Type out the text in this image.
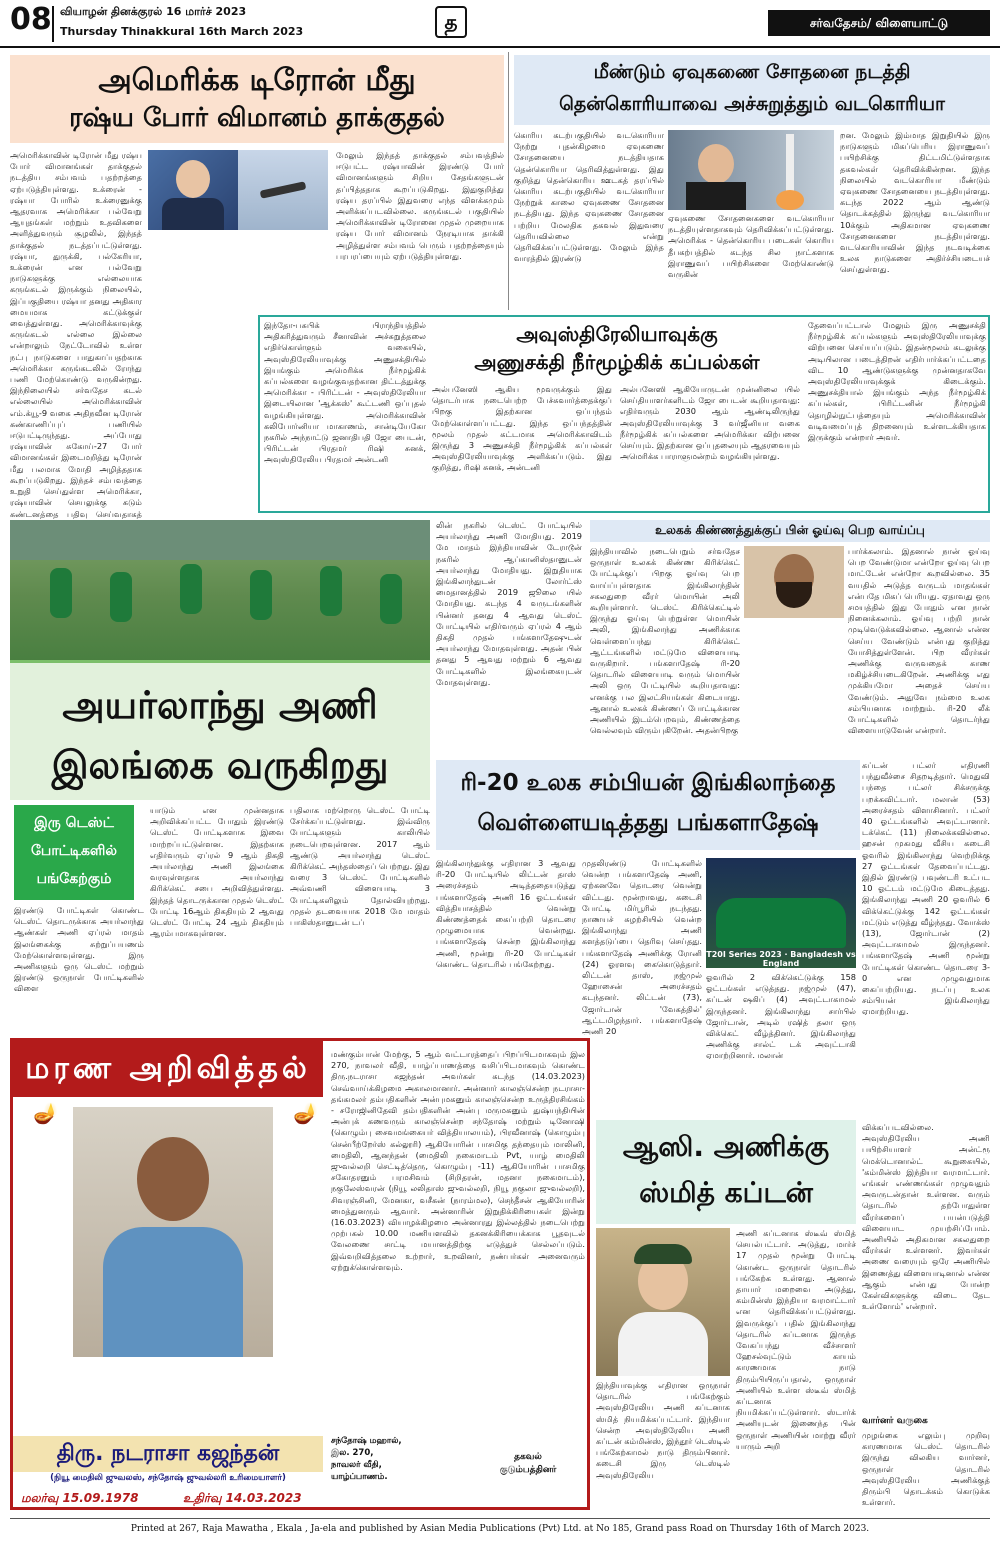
08 வியாழன் தினக்குரல் 16 மார்ச் 2023
Thursday Thinakkural 16th March 2023	த	சர்வதேசம்/ விளையாட்டு
அமெரிக்க டிரோன் மீது
ரஷ்ய போர் விமானம் தாக்குதல்
அமெரிக்காவின் டிரோன் மீது ரஷ்ய போர் விமானங்கள் தாக்குதல் நடத்திய சம்பவம் பதற்றத்தை ஏற்படுத்தியுள்ளது. உக்ரைன் - ரஷ்யா போரில் உக்ரைனுக்கு ஆதரவாக அமெரிக்கா பல்வேறு ஆயுதங்கள் மற்றும் உதவிகளை அளித்துவரும் சூழலில், இந்தத் தாக்குதல் நடத்தப்பட்டுள்ளது. ரஷ்யா, துருக்கி, பல்கேரியா, உக்ரைன் என பல்வேறு நாடுகளுக்கு எல்லையாக கருங்கடல் இருக்கும் நிலையில், இப்பகுதியை ரஷ்யா தனது அதிகார மையமாக கட்டுக்குள் வைத்துள்ளது. அமெரிக்காவுக்கு கருங்கடல் எல்லை இல்லை என்றாலும் நேட்டோவில் உள்ள நட்பு நாடுகளை பாதுகாப்பதற்காக அமெரிக்கா கருங்கடலில் ரோந்து பணி மேற்கொண்டு வருகின்றது. இந்நிலையில் சர்வதேச கடல் எல்லையில் அமெரிக்காவின் எம்.க்யூ-9 வகை அதிநவீன டிரோன் கண்காணிப்புப் பணியில் ஈடுபட்டிருந்தது. அப்போது ரஷ்யாவின் சுகோய்-27 போர் விமானங்கள் இடைமறித்து டிரோன் மீது பலமாக மோதி அழித்ததாக கூறப்படுகிறது. இந்தச் சம்பவத்தை உறுதி செய்துள்ள அமெரிக்கா, ரஷ்யாவின் செயலுக்கு கடும் கண்டனத்தை பதிவு செய்வதாகத்
மேலும் இந்தத் தாக்குதல் சம்பவத்தில் ஈடுபட்ட ரஷ்யாவின் இரண்டு போர் விமானங்களும் சிறிய சேதங்களுடன் தப்பித்ததாக கூறப்படுகிறது. இதுகுறித்து ரஷ்ய தரப்பில் இதுவரை எந்த விளக்கமும் அளிக்கப்படவில்லை. கருங்கடல் பகுதியில் அமெரிக்காவின் டிரோனை முதல் முறையாக ரஷ்ய போர் விமானம் நேரடியாக தாக்கி அழித்துள்ள சம்பவம் பெரும் பதற்றத்தையும் பரபரப்பையும் ஏற்படுத்தியுள்ளது.
மீண்டும் ஏவுகணை சோதனை நடத்தி
தென்கொரியாவை அச்சுறுத்தும் வடகொரியா
கொரிய கடற்பகுதியில் வடகொரியா நேற்று புதன்கிழமை ஏவுகணை சோதனையை நடத்தியதாக தென்கொரியா தெரிவித்துள்ளது. இது குறித்து தென்கொரிய ஊடகத் தரப்பில் கொரிய கடற்பகுதியில் வடகொரியா நேற்றுக் காலை ஏவுகணை சோதனை நடத்தியது. இந்த ஏவுகணை சோதனை பற்றிய மேலதிக தகவல் இதுவரை தெரியவில்லை என்று தெரிவிக்கப்பட்டுள்ளது. மேலும் இந்த வாரத்தில் இரண்டு
ஏவுகணை சோதனைகளை வடகொரியா நடத்தியுள்ளதாகவும் தெரிவிக்கப்பட்டுள்ளது. அமெரிக்க - தென்கொரிய படைகள் கொரிய தீபகற்பத்தில் கடந்த சில நாட்களாக இராணுவப் பயிற்சிகளை மேற்கொண்டு வருகின்
றன. மேலும் இம்மாத இறுதியில் இரு நாடுகளும் மிகப்பெரிய இராணுவப் பயிற்சிக்கு திட்டமிட்டுள்ளதாக தகவல்கள் தெரிவிக்கின்றன. இந்த நிலையில் வடகொரியா மீண்டும் ஏவுகணை சோதனையை நடத்தியுள்ளது. கடந்த 2022 ஆம் ஆண்டு தொடக்கத்தில் இருந்து வடகொரியா 10க்கும் அதிகமான ஏவுகணை சோதனைகளை நடத்தியுள்ளது. வடகொரியாவின் இந்த நடவடிக்கை உலக நாடுகளை அதிர்ச்சியடையச் செய்துள்ளது.
இந்தோ-பசுபிக் பிராந்தியத்தில் அதிகரித்துவரும் சீனாவின் அச்சுறுத்தலை எதிர்கொள்ளும் வகையில், அவுஸ்திரேலியாவுக்கு அணுசக்தியில் இயங்கும் அமெரிக்க நீர்மூழ்கிக் கப்பல்களை வழங்குவதற்கான திட்டத்துக்கு அமெரிக்கா - பிரிட்டன் - அவுஸ்திரேலியா இடையிலான 'ஆக்கஸ்' கூட்டணி ஒப்புதல் வழங்கியுள்ளது. அமெரிக்காவின் கலிபோர்னியா மாகாணம், சான்டியேகோ நகரில் அந்நாட்டு ஜனாதிபதி ஜோ பைடன், பிரிட்டன் பிரதமர் ரிஷி சுனக், அவுஸ்திரேலிய பிரதமர் அன்டனி
அவுஸ்திரேலியாவுக்கு
அணுசக்தி நீர்மூழ்கிக் கப்பல்கள்
அல்பனேஸி ஆகிய மூவருக்கும் இது தொடர்பாக நடைபெற்ற பேச்சுவார்த்தைக்குப் பிறகு இதற்கான ஒப்பந்தம் மேற்கொள்ளப்பட்டது. இந்த ஒப்பந்தத்தின் மூலம் முதல் கட்டமாக அமெரிக்காவிடம் இருந்து 3 அணுசக்தி நீர்மூழ்கிக் கப்பல்கள் அவுஸ்திரேலியாவுக்கு அளிக்கப்படும். இது குறித்து, ரிஷி சுனக், அன்டனி
அல்பனேஸி ஆகியோருடன் முன்னிலை யில் செய்தியாளர்களிடம் ஜோ பைடன் கூறியதாவது: எதிர்வரும் 2030 ஆம் ஆண்டிலிருந்து அவுஸ்திரேலியாவுக்கு 3 வர்ஜீனியா வகை நீர்மூழ்கிக் கப்பல்களை அமெரிக்கா விற்பனை செய்யும். இதற்கான ஒப்புதலையும் ஆதரவையும் அமெரிக்க பாராளுமன்றம் வழங்கியுள்ளது.
தேவைப்பட்டால் மேலும் இரு அணுசக்தி நீர்மூழ்கிக் கப்பல்களும் அவுஸ்திரேலியாவுக்கு விற்பனை செய்யப்படும். இதன்மூலம் கடலுக்கு அடியிலான படைத்திறன் எதிர்பார்க்கப்பட்டதை விட 10 ஆண்டுகளுக்கு முன்னதாகவே அவுஸ்திரேலியாவுக்குக் கிடைக்கும். அணுசக்தியால் இயங்கும் அந்த நீர்மூழ்கிக் கப்பல்கள், பிரிட்டனின் நீர்மூழ்கி தொழில்நுட்பத்தையும் அமெரிக்காவின் வடிவமைப்புத் திறனையும் உள்ளடக்கியதாக இருக்கும் என்றார் அவர்.
அயர்லாந்து அணி
இலங்கை வருகிறது
இரு டெஸ்ட்
போட்டிகளில்
பங்கேற்கும்
இரண்டு போட்டிகள் கொண்ட டெஸ்ட் தொடருக்காக அயர்லாந்து ஆண்கள் அணி ஏப்ரல் மாதம் இலங்கைக்கு சுற்றுப்பயணம் மேற்கொள்ளவுள்ளது. இரு அணிகளும் ஒரு டெஸ்ட் மற்றும் இரண்டு ஒருநாள் போட்டிகளில் விளை
யாடும் என முன்னதாக அறிவிக்கப்பட்ட போதும் இரண்டு டெஸ்ட் போட்டிகளாக இவை மாற்றப்பட்டுள்ளன. இதற்காக எதிர்வரும் ஏப்ரல் 9 ஆம் திகதி அயர்லாந்து அணி இலங்கை வரவுள்ளதாக அயர்லாந்து கிரிக்கெட் சபை அறிவித்துள்ளது. இந்தத் தொடருக்கான முதல் டெஸ்ட் போட்டி 16ஆம் திகதியும் 2 ஆவது டெஸ்ட் போட்டி 24 ஆம் திகதியும் ஆரம்பமாகவுள்ளன.
பதிலாக மற்றொரு டெஸ்ட் போட்டி சேர்க்கப்பட்டுள்ளது. இவ்விரு போட்டிகளும் காலியில் நடைபெறவுள்ளன. 2017 ஆம் ஆண்டு அயர்லாந்து டெஸ்ட் கிரிக்கெட் அந்தஸ்தைப் பெற்றது. இது வரை 3 டெஸ்ட் போட்டிகளில் அவ்வணி விளையாடி 3 போட்டிகளிலும் தோல்வியுற்றது. முதல் தடவையாக 2018 மே மாதம் பாகிஸ்தானுடன் டப்
லின் நகரில் டெஸ்ட் போட்டியில் அயர்லாந்து அணி மோதியது. 2019 மே மாதம் இந்தியாவின் டேராடூன் நகரில் ஆப்கானிஸ்தானுடன் அயர்லாந்து மோதியது. இறுதியாக இங்கிலாந்துடன் லோர்ட்ஸ் மைதானத்தில் 2019 ஜூலை யில் மோதியது. கடந்த 4 வருடங்களின் பின்னர் தனது 4 ஆவது டெஸ்ட் போட்டியில் எதிர்வரும் ஏப்ரல் 4 ஆம் திகதி முதல் பங்களாதேஷுடன் அயர்லாந்து மோதவுள்ளது. அதன் பின் தனது 5 ஆவது மற்றும் 6 ஆவது போட்டிகளில் இலங்கையுடன் மோதவுள்ளது.
உலகக் கிண்ணத்துக்குப் பின் ஓய்வு பெற வாய்ப்பு
இந்தியாவில் நடைபெறும் சர்வதேச ஒருநாள் உலகக் கிண்ண கிரிக்கெட் போட்டிக்குப் பிறகு ஓய்வு பெற வாய்ப்புள்ளதாக இங்கிலாந்தின் சகலதுறை வீரர் மொயின் அலி கூறியுள்ளார். டெஸ்ட் கிரிக்கெட்டில் இருந்து ஓய்வு பெற்றுள்ள மொயின் அலி, இங்கிலாந்து அணிக்காக வெள்ளைப்பந்து கிரிக்கெட் ஆட்டங்களில் மட்டுமே விளையாடி வருகிறார். பங்களாதேஷ் ரி-20 தொடரில் விளையாடி வரும் மொயின் அலி ஒரு பேட்டியில் கூறியதாவது: எனக்கு பல இலட்சியங்கள் கிடையாது. ஆனால் உலகக் கிண்ணப் போட்டிக்கான அணியில் இடம்பெறவும், கிண்ணத்தை வெல்லவும் விரும்புகிறேன். அதன்பிறகு
பார்க்கலாம். இதனால் நான் ஓய்வு பெற வேண்டுமா என்றோ ஓய்வு பெற மாட்டேன் என்றோ கூறவில்லை. 35 வயதில் அடுத்த வருடம் மாதங்கள் என்பதே மிகப் பெரியது. ஏதாவது ஒரு சமயத்தில் இது போதும் என நான் நினைக்கலாம். ஓய்வு பற்றி நான் முடிவெடுக்கவில்லை. ஆனால் என்ன செய்ய வேண்டும் என்பது குறித்து யோசித்துள்ளேன். பிற வீரர்கள் அணிக்கு வருவதைக் காண மகிழ்ச்சியடைகிறேன். அணிக்கு எது முக்கியமோ அதைச் செய்ய வேண்டும். அதுவே நம்மை உலக சம்பியனாக மாற்றும். ரி-20 லீக் போட்டிகளில் தொடர்ந்து விளையாடுவேன் என்றார்.
ரி-20 உலக சம்பியன் இங்கிலாந்தை
வெள்ளையடித்தது பங்களாதேஷ்
இங்கிலாந்துக்கு எதிரான 3 ஆவது ரி-20 போட்டியில் லிட்டன் தாஸ் அரைச்சதம் அடித்ததையடுத்து பங்களாதேஷ் அணி 16 ஓட்டங்கள் வித்தியாசத்தில் வென்று கிண்ணத்தைக் கைப்பற்றி தொடரை முழுமையாக வென்றது. பங்களாதேஷ் சென்ற இங்கிலாந்து அணி, மூன்று ரி-20 போட்டிகள் கொண்ட தொடரில் பங்கேற்றது.
முதலிரண்டு போட்டிகளில் வென்ற பங்களாதேஷ் அணி, ஏற்கனவே தொடரை வென்று விட்டது. மூன்றாவது, கடைசி போட்டி மிர்பூரில் நடந்தது. நாணயச் சுழற்சியில் வென்ற இங்கிலாந்து அணி களத்தடுப்பை தெரிவு செய்தது. பங்களாதேஷ் அணிக்கு ரோனி (24) ஓரளவு கைகொடுத்தார். லிட்டன் தாஸ், நஜ்முல் ஹோசைன் அரைச்சதம் கடந்தனர். லிட்டன் (73), ஜோர்டான் 'வேகத்தில்' ஆட்டமிழந்தார். பங்களாதேஷ் அணி 20
T20I Series 2023 · Bangladesh vs England
ஓவரில் 2 விக்கெட்டுக்கு 158 ஓட்டங்கள் எடுத்தது. நஜ்முல் (47), கப்டன் ஷகிப் (4) அவுட்டாகாமல் இருந்தனர். இங்கிலாந்து சார்பில் ஜோர்டான், அடில் ரஷித் தலா ஒரு விக்கெட் வீழ்த்தினர். இங்கிலாந்து அணிக்கு சால்ட் டக் அவுட்டாகி ஏமாற்றினார். மலான்
கப்டன் பட்லர் எதிரணி பந்துவீச்சை சிதறடித்தார். மெதுவி பந்தை பட்லர் சிக்சருக்கு பறக்கவிட்டார். மலான் (53) அரைச்சதம் விளாசினார். பட்லர் 40 ஓட்டங்களில் அவுட்டானார். டக்கெட் (11) நிலைக்கவில்லை. ஹசன் முகமது வீசிய கடைசி ஓவரில் இங்கிலாந்து வெற்றிக்கு 27 ஓட்டங்கள் தேவைப்பட்டது. இதில் இரண்டு பவுண்டரி உட்பட 10 ஓட்டம் மட்டுமே கிடைத்தது. இங்கிலாந்து அணி 20 ஓவரில் 6 விக்கெட்டுக்கு 142 ஓட்டங்கள் மட்டும் எடுத்து வீழ்ந்தது. வோக்ஸ் (13), ஜோர்டான் (2) அவுட்டாகாமல் இருந்தனர். பங்களாதேஷ் அணி மூன்று போட்டிகள் கொண்ட தொடரை 3-0 என முழுவதுமாக கைப்பற்றியது. நடப்பு உலக சம்பியன் இங்கிலாந்து ஏமாற்றியது.
மரண அறிவித்தல்
🪔	🪔
திரு. நடராசா கஜந்தன்
(நியூ மைதிலி ஜுவலஸ், சந்தோஷ் ஜுவல்லரி உரிமையாளர்)
மலர்வு 15.09.1978	உதிர்வு 14.03.2023
மண்கும்பான் மேற்கு, 5 ஆம் வட்டாரத்தைப் பிறப்பிடமாகவும் இல 270, நாவலர் வீதி, யாழ்ப்பாணத்தை வசிப்பிடமாகவும் கொண்ட திரு.நடராசா கஜந்தன் அவர்கள் கடந்த (14.03.2023) செவ்வாய்க்கிழமை அகாலமானார். அன்னார் காலஞ்சென்ற நடராசா-தங்கமலர் தம்பதிகளின் அன்புமகனும் காலஞ்சென்ற உருத்திரசிங்கம் - சரோஜினிதேவி தம்பதிகளின் அன்பு மருமகனும் துஷ்யந்தியின் அன்புக் கணவரும் காலஞ்சென்ற சந்தோஷ் மற்றும் டினோஷி (கொழும்பு சைவமங்கையர் வித்தியாலயம்), பிரவீனாஷ் (கொழும்பு சென்பீற்றேர்ஸ் கல்லூரி) ஆகியோரின் பாசமிகு தந்தையும் மாலினி, மைதிலி, ஆனந்தன் (மைதிலி நகைமாடம் Pvt, யாழ் மைதிலி ஜுவல்லறி செட்டித்தெரு, கொழும்பு -11) ஆகியோரின் பாசமிகு சகோதரனும் பரமசிவம் (சிறிதரன், மதனா நகைமாடம்), நகுலேஸ்வரன் (நியூ லலிதாஸ் ஜுவல்லறி, நியூ நகுலா ஜுவல்லறி), சிவரஞ்சினி, மேனகா, வசீகன் (நாரம்மல), செந்தீசன் ஆகியோரின் மைத்துனரும் ஆவார். அன்னாரின் இறுதிக்கிரியைகள் இன்று (16.03.2023) வியாழக்கிழமை அன்னாரது இல்லத்தில் நடைபெற்று முற்பகல் 10.00 மணியளவில் தகனக்கிரியைக்காக பூதவுடல் வேலணை சாட்டி மயானத்திற்கு எடுத்துச் செல்லப்படும். இவ்வறிவித்தலை உற்றார், உறவினர், நண்பர்கள் அனைவரும் ஏற்றுக்கொள்ளவும்.
சந்தோஷ் மஹால்,
இல. 270,
நாவலர் வீதி,
யாழ்ப்பாணம்.
தகவல்
குடும்பத்தினர்
ஆஸி. அணிக்கு
ஸ்மித் கப்டன்
இந்தியாவுக்கு எதிரான ஒருநாள் தொடரில் பங்கேற்கும் அவுஸ்திரேலிய அணி கப்டனாக ஸ்மித் நியமிக்கப்பட்டார். இந்தியா சென்ற அவுஸ்திரேலிய அணி கப்டன் கம்மின்ஸ், இந்தூர் டெஸ்டில் பங்கேற்காமல் நாடு திரும்பினார். கடைசி இரு டெஸ்டில் அவுஸ்திரேலிய
அணி கப்டனாக ஸ்டீவ் ஸ்மித் செயல்பட்டார். அடுத்து, மார்ச் 17 முதல் மூன்று போட்டி கொண்ட ஒருநாள் தொடரில் பங்கேற்க உள்ளது. ஆனால் தாயார் மறைவை அடுத்து, கம்மின்ஸ் இந்தியா வரமாட்டார் என தெரிவிக்கப்பட்டுள்ளது. இவருக்குப் பதில் இங்கிலாந்து தொடரில் கப்டனாக இருந்த வேகப்பந்து வீச்சாளர் ஹேசல்வுட்டும் காயம் காரணமாக நாடு திரும்பியிருப்பதால், ஒருநாள் அணியில் உள்ள ஸ்டீவ் ஸ்மித் கப்டனாக நியமிக்கப்பட்டுள்ளார். ஸ்டார்க் அணியுடன் இணைந்த பின் ஒருநாள் அணியின் மாற்று வீரர் யாரும் அறி
விக்கப்படவில்லை. அவுஸ்திரேலிய அணி பயிற்சியாளர் அன்ட்ரூ மெக்டொனால்ட் கூறுகையில், 'கம்மின்ஸ் இந்தியா வரமாட்டார். எங்கள் எண்ணங்கள் முழுவதும் அவருடன்தான் உள்ளன. வரும் தொடரில் தற்போதுள்ள வீரர்களைப் பயன்படுத்தி விளையாட முயற்சிப்போம். அணியில் அதிகமான சகலதுறை வீரர்கள் உள்ளனர். இவர்கள் அணை வரையும் ஒரே அணியில் இணைத்து விளையாடினால் என்ன ஆகும் என்பது போன்ற கேள்விகளுக்கு விடை தேட உள்ளோம்' என்றார்.
வார்னர் வருகை
முழங்கை எலும்பு முறிவு காரணமாக டெஸ்ட் தொடரில் இருந்து விலகிய வார்னர், ஒருநாள் தொடரில் அவுஸ்திரேலிய அணிக்குத் திரும்பி தொடக்கம் கொடுக்க உள்ளார்.
Printed at 267, Raja Mawatha , Ekala , Ja-ela and published by Asian Media Publications (Pvt) Ltd. at No 185, Grand pass Road on Thursday 16th of March 2023.
